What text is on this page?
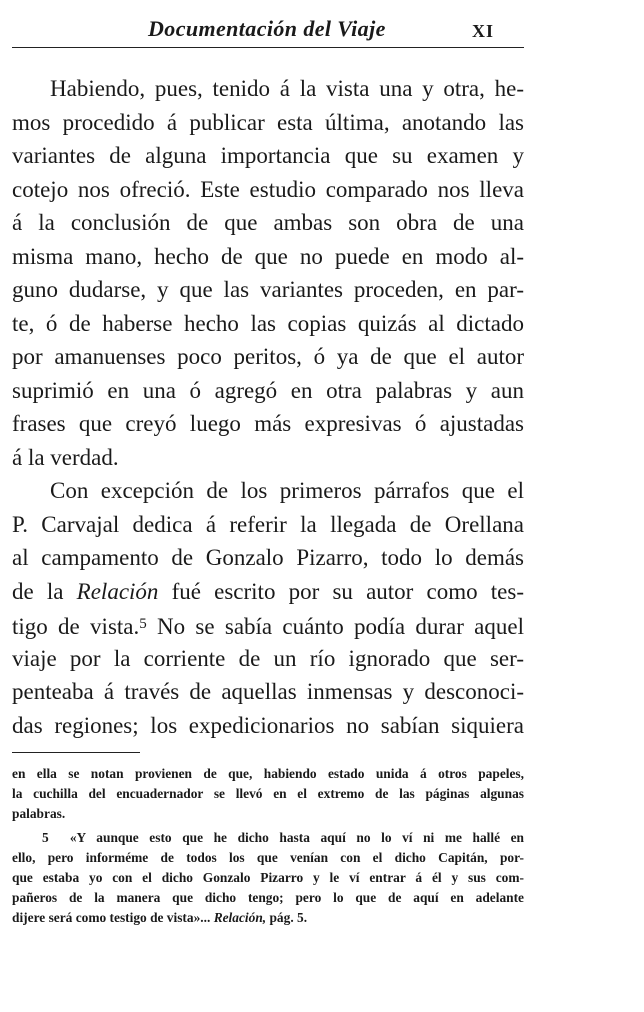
Documentación del Viaje	XI
Habiendo, pues, tenido á la vista una y otra, he-
mos procedido á publicar esta última, anotando las
variantes de alguna importancia que su examen y
cotejo nos ofreció. Este estudio comparado nos lleva
á la conclusión de que ambas son obra de una
misma mano, hecho de que no puede en modo al-
guno dudarse, y que las variantes proceden, en par-
te, ó de haberse hecho las copias quizás al dictado
por amanuenses poco peritos, ó ya de que el autor
suprimió en una ó agregó en otra palabras y aun
frases que creyó luego más expresivas ó ajustadas
á la verdad.
Con excepción de los primeros párrafos que el
P. Carvajal dedica á referir la llegada de Orellana
al campamento de Gonzalo Pizarro, todo lo demás
de la Relación fué escrito por su autor como tes-
tigo de vista.$^5$ No se sabía cuánto podía durar aquel
viaje por la corriente de un río ignorado que ser-
penteaba á través de aquellas inmensas y desconoci-
das regiones; los expedicionarios no sabían siquiera
en ella se notan provienen de que, habiendo estado unida á otros papeles,
la cuchilla del encuadernador se llevó en el extremo de las páginas algunas
palabras.
5 «Y aunque esto que he dicho hasta aquí no lo ví ni me hallé en
ello, pero informéme de todos los que venían con el dicho Capitán, por-
que estaba yo con el dicho Gonzalo Pizarro y le ví entrar á él y sus com-
pañeros de la manera que dicho tengo; pero lo que de aquí en adelante
dijere será como testigo de vista»... Relación, pág. 5.
